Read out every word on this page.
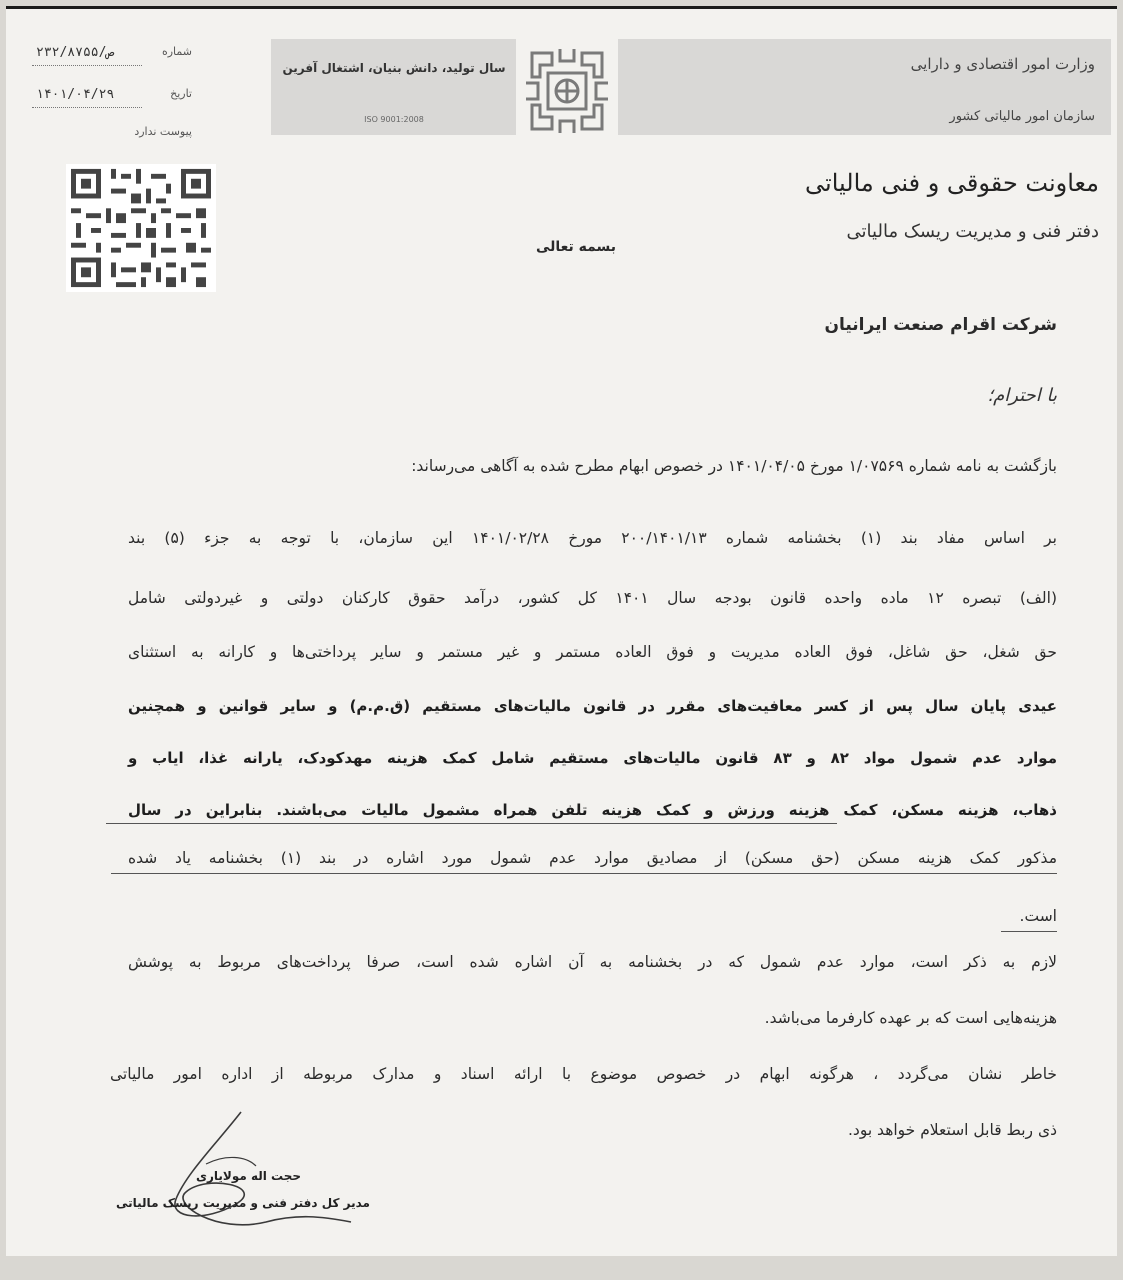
وزارت امور اقتصادی و دارایی
سازمان امور مالیاتی کشور
سال تولید، دانش بنیان، اشتغال آفرین
ISO 9001:2008
معاونت حقوقی و فنی مالیاتی
دفتر فنی و مدیریت ریسک مالیاتی
۲۳۲/۸۷۵۵/ص	شماره
۱۴۰۱/۰۴/۲۹	تاریخ
پیوست ندارد
بسمه تعالی
شرکت اقرام صنعت ایرانیان
با احترام؛
بازگشت به نامه شماره ۱/۰۷۵۶۹ مورخ ۱۴۰۱/۰۴/۰۵ در خصوص ابهام مطرح شده به آگاهی می‌رساند:
بر اساس مفاد بند (۱) بخشنامه شماره ۲۰۰/۱۴۰۱/۱۳ مورخ ۱۴۰۱/۰۲/۲۸ این سازمان، با توجه به جزء (۵) بند
(الف) تبصره ۱۲ ماده واحده قانون بودجه سال ۱۴۰۱ کل کشور، درآمد حقوق کارکنان دولتی و غیردولتی شامل
حق شغل، حق شاغل، فوق العاده مدیریت و فوق العاده مستمر و غیر مستمر و سایر پرداختی‌ها و کارانه به استثنای
عیدی پایان سال پس از کسر معافیت‌های مقرر در قانون مالیات‌های مستقیم (ق.م.م) و سایر قوانین و همچنین
موارد عدم شمول مواد ۸۲ و ۸۳ قانون مالیات‌های مستقیم شامل کمک هزینه مهدکودک، یارانه غذا، ایاب و
ذهاب، هزینه مسکن، کمک هزینه ورزش و کمک هزینه تلفن همراه مشمول مالیات می‌باشند. بنابراین در سال
مذکور کمک هزینه مسکن (حق مسکن) از مصادیق موارد عدم شمول مورد اشاره در بند (۱) بخشنامه یاد شده
است.
لازم به ذکر است، موارد عدم شمول که در بخشنامه به آن اشاره شده است، صرفا پرداخت‌های مربوط به پوشش
هزینه‌هایی است که بر عهده کارفرما می‌باشد.
خاطر نشان می‌گردد ، هرگونه ابهام در خصوص موضوع با ارائه اسناد و مدارک مربوطه از اداره امور مالیاتی
ذی ربط قابل استعلام خواهد بود.
حجت اله مولایاری
مدیر کل دفتر فنی و مدیریت ریسک مالیاتی
